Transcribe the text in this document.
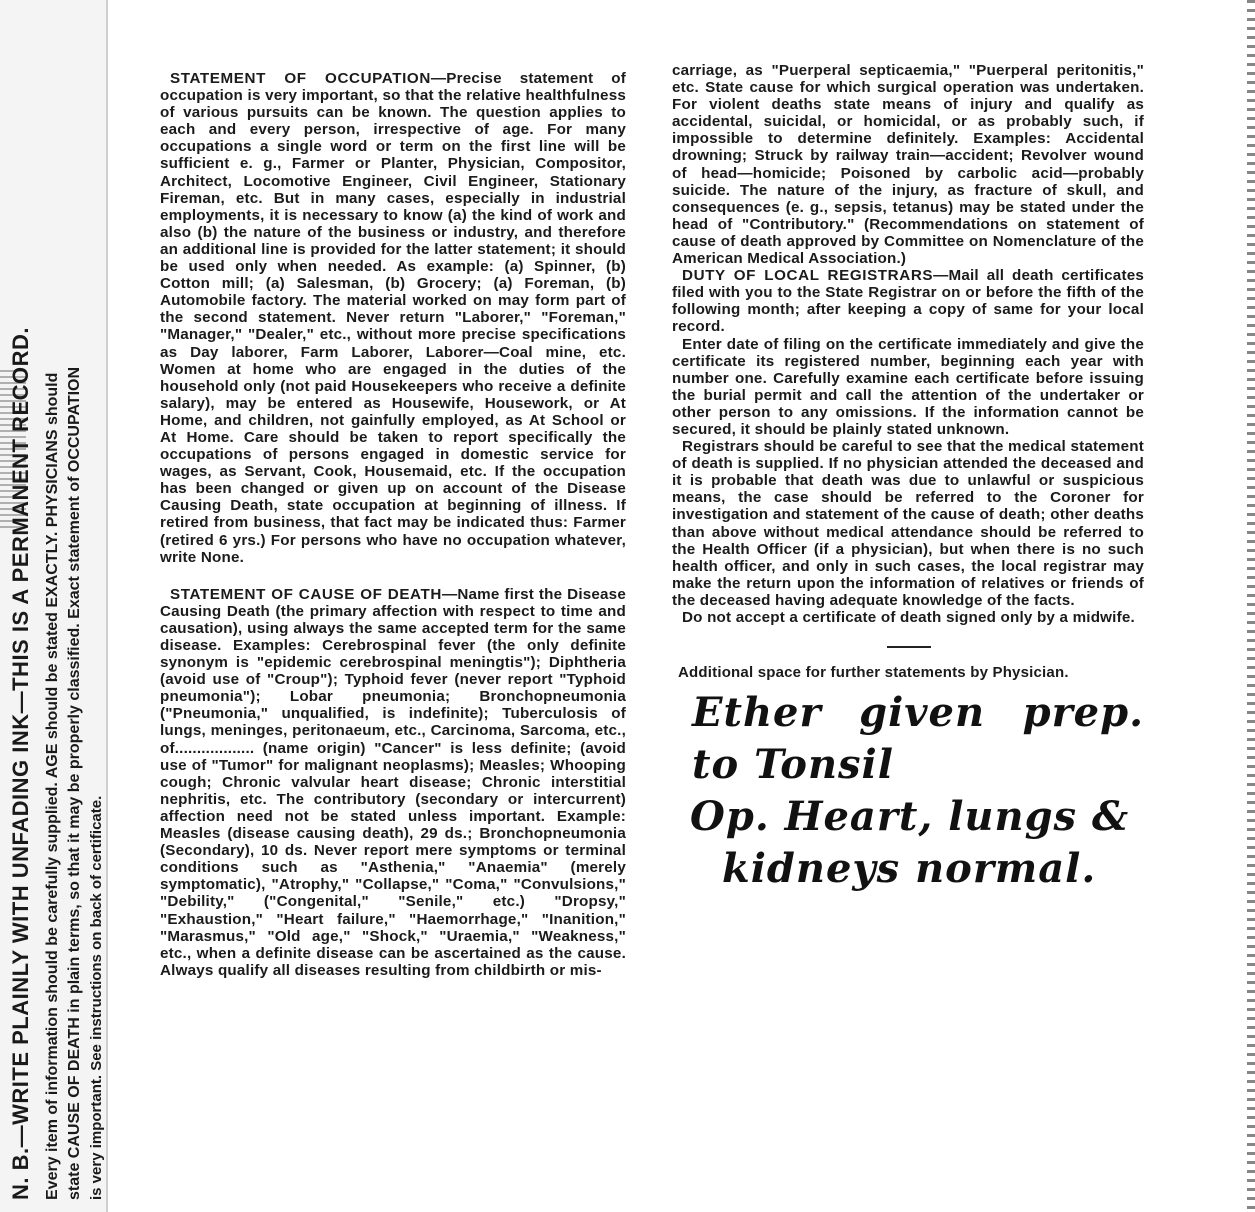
N. B.—WRITE PLAINLY WITH UNFADING INK—THIS IS A PERMANENT RECORD. Every item of information should be carefully supplied. AGE should be stated EXACTLY. PHYSICIANS should state CAUSE OF DEATH in plain terms, so that it may be properly classified. Exact statement of OCCUPATION is very important. See instructions on back of certificate.

STATEMENT OF OCCUPATION—Precise statement of occupation is very important, so that the relative healthfulness of various pursuits can be known. The question applies to each and every person, irrespective of age. For many occupations a single word or term on the first line will be sufficient e. g., Farmer or Planter, Physician, Compositor, Architect, Locomotive Engineer, Civil Engineer, Stationary Fireman, etc. But in many cases, especially in industrial employments, it is necessary to know (a) the kind of work and also (b) the nature of the business or industry, and therefore an additional line is provided for the latter statement; it should be used only when needed. As example: (a) Spinner, (b) Cotton mill; (a) Salesman, (b) Grocery; (a) Foreman, (b) Automobile factory. The material worked on may form part of the second statement. Never return "Laborer," "Foreman," "Manager," "Dealer," etc., without more precise specifications as Day laborer, Farm Laborer, Laborer—Coal mine, etc. Women at home who are engaged in the duties of the household only (not paid Housekeepers who receive a definite salary), may be entered as Housewife, Housework, or At Home, and children, not gainfully employed, as At School or At Home. Care should be taken to report specifically the occupations of persons engaged in domestic service for wages, as Servant, Cook, Housemaid, etc. If the occupation has been changed or given up on account of the Disease Causing Death, state occupation at beginning of illness. If retired from business, that fact may be indicated thus: Farmer (retired 6 yrs.) For persons who have no occupation whatever, write None.

STATEMENT OF CAUSE OF DEATH—Name first the Disease Causing Death (the primary affection with respect to time and causation), using always the same accepted term for the same disease. Examples: Cerebrospinal fever (the only definite synonym is "epidemic cerebrospinal meningtis"); Diphtheria (avoid use of "Croup"); Typhoid fever (never report "Typhoid pneumonia"); Lobar pneumonia; Bronchopneumonia ("Pneumonia," unqualified, is indefinite); Tuberculosis of lungs, meninges, peritonaeum, etc., Carcinoma, Sarcoma, etc., of.................. (name origin) "Cancer" is less definite; (avoid use of "Tumor" for malignant neoplasms); Measles; Whooping cough; Chronic valvular heart disease; Chronic interstitial nephritis, etc. The contributory (secondary or intercurrent) affection need not be stated unless important. Example: Measles (disease causing death), 29 ds.; Bronchopneumonia (Secondary), 10 ds. Never report mere symptoms or terminal conditions such as "Asthenia," "Anaemia" (merely symptomatic), "Atrophy," "Collapse," "Coma," "Convulsions," "Debility," ("Congenital," "Senile," etc.) "Dropsy," "Exhaustion," "Heart failure," "Haemorrhage," "Inanition," "Marasmus," "Old age," "Shock," "Uraemia," "Weakness," etc., when a definite disease can be ascertained as the cause. Always qualify all diseases resulting from childbirth or mis-

carriage, as "Puerperal septicaemia," "Puerperal peritonitis," etc. State cause for which surgical operation was undertaken. For violent deaths state means of injury and qualify as accidental, suicidal, or homicidal, or as probably such, if impossible to determine definitely. Examples: Accidental drowning; Struck by railway train—accident; Revolver wound of head—homicide; Poisoned by carbolic acid—probably suicide. The nature of the injury, as fracture of skull, and consequences (e. g., sepsis, tetanus) may be stated under the head of "Contributory." (Recommendations on statement of cause of death approved by Committee on Nomenclature of the American Medical Association.)

DUTY OF LOCAL REGISTRARS—Mail all death certificates filed with you to the State Registrar on or before the fifth of the following month; after keeping a copy of same for your local record.

Enter date of filing on the certificate immediately and give the certificate its registered number, beginning each year with number one. Carefully examine each certificate before issuing the burial permit and call the attention of the undertaker or other person to any omissions. If the information cannot be secured, it should be plainly stated unknown.

Registrars should be careful to see that the medical statement of death is supplied. If no physician attended the deceased and it is probable that death was due to unlawful or suspicious means, the case should be referred to the Coroner for investigation and statement of the cause of death; other deaths than above without medical attendance should be referred to the Health Officer (if a physician), but when there is no such health officer, and only in such cases, the local registrar may make the return upon the information of relatives or friends of the deceased having adequate knowledge of the facts.

Do not accept a certificate of death signed only by a midwife.

Additional space for further statements by Physician.
Ether given prep. to Tonsil
Op. Heart, lungs &
kidneys normal.
